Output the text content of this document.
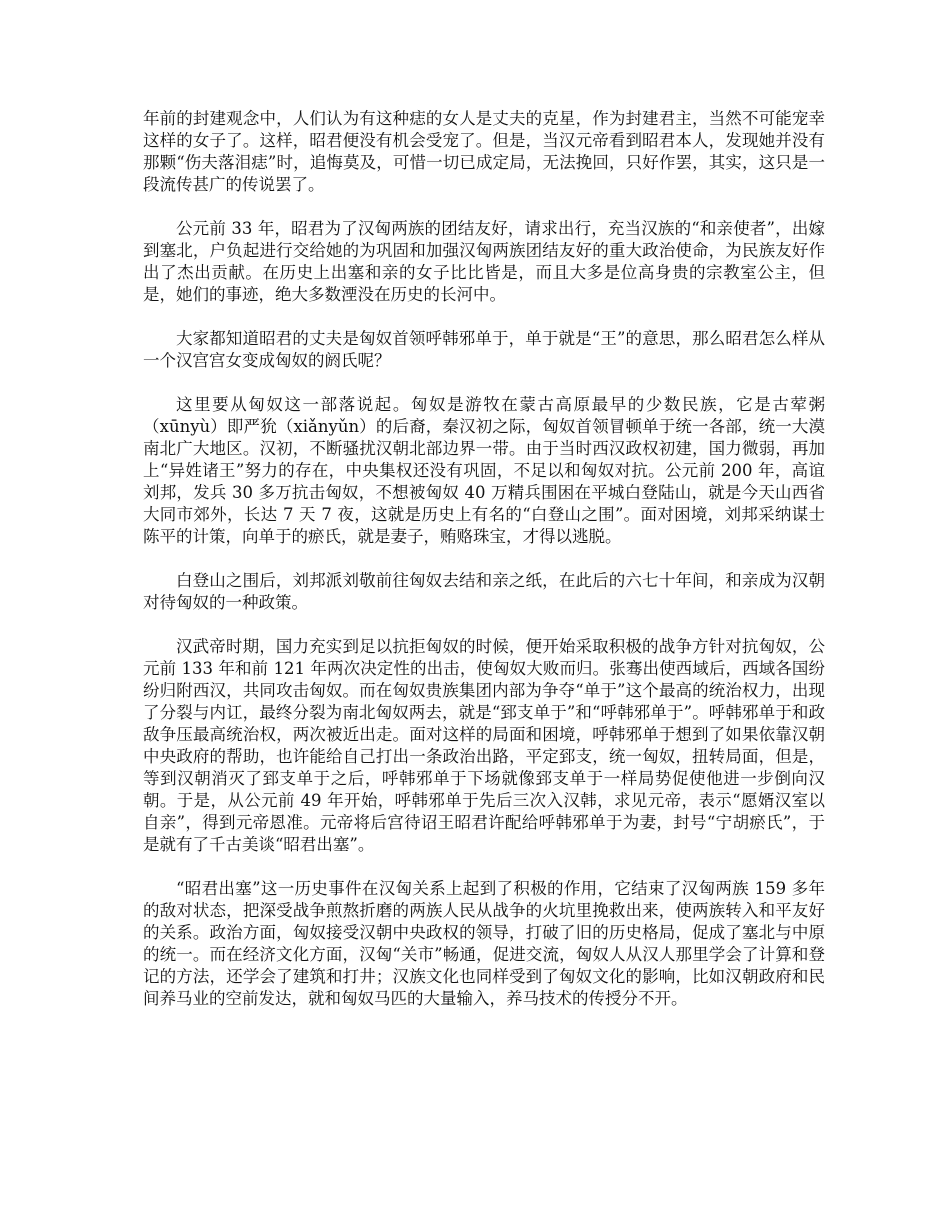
年前的封建观念中，人们认为有这种痣的女人是丈夫的克星，作为封建君主，当然不可能宠幸这样的女子了。这样，昭君便没有机会受宠了。但是，当汉元帝看到昭君本人，发现她并没有那颗“伤夫落泪痣”时，追悔莫及，可惜一切已成定局，无法挽回，只好作罢，其实，这只是一段流传甚广的传说罢了。

公元前 33 年，昭君为了汉匈两族的团结友好，请求出行，充当汉族的“和亲使者”，出嫁到塞北，户负起进行交给她的为巩固和加强汉匈两族团结友好的重大政治使命，为民族友好作出了杰出贡献。在历史上出塞和亲的女子比比皆是，而且大多是位高身贵的宗教室公主，但是，她们的事迹，绝大多数湮没在历史的长河中。

大家都知道昭君的丈夫是匈奴首领呼韩邪单于，单于就是“王”的意思，那么昭君怎么样从一个汉宫宫女变成匈奴的阏氏呢？

这里要从匈奴这一部落说起。匈奴是游牧在蒙古高原最早的少数民族，它是古荤粥（xūnyù）即严狁（xiǎnyǔn）的后裔，秦汉初之际，匈奴首领冒顿单于统一各部，统一大漠南北广大地区。汉初，不断骚扰汉朝北部边界一带。由于当时西汉政权初建，国力微弱，再加上“异姓诸王”努力的存在，中央集权还没有巩固，不足以和匈奴对抗。公元前 200 年，高谊刘邦，发兵 30 多万抗击匈奴，不想被匈奴 40 万精兵围困在平城白登陆山，就是今天山西省大同市郊外，长达 7 天 7 夜，这就是历史上有名的“白登山之围”。面对困境，刘邦采纳谋士陈平的计策，向单于的瘀氏，就是妻子，贿赂珠宝，才得以逃脱。

白登山之围后，刘邦派刘敬前往匈奴去结和亲之纸，在此后的六七十年间，和亲成为汉朝对待匈奴的一种政策。

汉武帝时期，国力充实到足以抗拒匈奴的时候，便开始采取积极的战争方针对抗匈奴，公元前 133 年和前 121 年两次决定性的出击，使匈奴大败而归。张骞出使西域后，西域各国纷纷归附西汉，共同攻击匈奴。而在匈奴贵族集团内部为争夺“单于”这个最高的统治权力，出现了分裂与内讧，最终分裂为南北匈奴两去，就是“郅支单于”和“呼韩邪单于”。呼韩邪单于和政敌争压最高统治权，两次被近出走。面对这样的局面和困境，呼韩邪单于想到了如果依靠汉朝中央政府的帮助，也许能给自己打出一条政治出路，平定郅支，统一匈奴，扭转局面，但是，等到汉朝消灭了郅支单于之后，呼韩邪单于下场就像郅支单于一样局势促使他进一步倒向汉朝。于是，从公元前 49 年开始，呼韩邪单于先后三次入汉韩，求见元帝，表示“愿婿汉室以自亲”，得到元帝恩准。元帝将后宫待诏王昭君许配给呼韩邪单于为妻，封号“宁胡瘀氏”，于是就有了千古美谈“昭君出塞”。

“昭君出塞”这一历史事件在汉匈关系上起到了积极的作用，它结束了汉匈两族 159 多年的敌对状态，把深受战争煎熬折磨的两族人民从战争的火坑里挽救出来，使两族转入和平友好的关系。政治方面，匈奴接受汉朝中央政权的领导，打破了旧的历史格局，促成了塞北与中原的统一。而在经济文化方面，汉匈“关市”畅通，促进交流，匈奴人从汉人那里学会了计算和登记的方法，还学会了建筑和打井；汉族文化也同样受到了匈奴文化的影响，比如汉朝政府和民间养马业的空前发达，就和匈奴马匹的大量输入，养马技术的传授分不开。
